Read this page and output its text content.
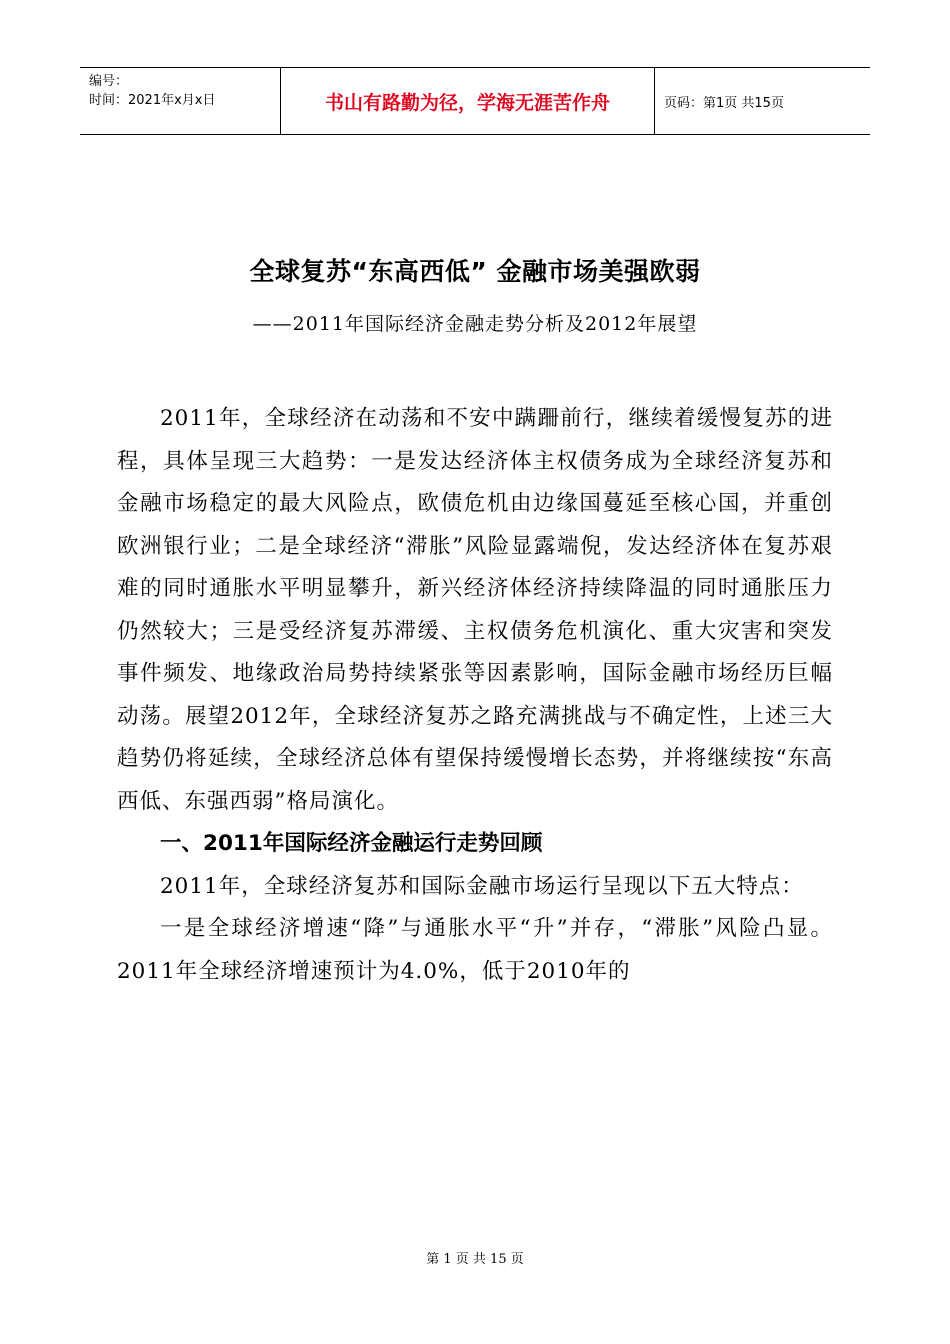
编号：
时间：2021年x月x日	书山有路勤为径，学海无涯苦作舟	页码：第1页 共15页
全球复苏“东高西低” 金融市场美强欧弱
——2011年国际经济金融走势分析及2012年展望

2011年，全球经济在动荡和不安中蹒跚前行，继续着缓慢复苏的进程，具体呈现三大趋势：一是发达经济体主权债务成为全球经济复苏和金融市场稳定的最大风险点，欧债危机由边缘国蔓延至核心国，并重创欧洲银行业；二是全球经济“滞胀”风险显露端倪，发达经济体在复苏艰难的同时通胀水平明显攀升，新兴经济体经济持续降温的同时通胀压力仍然较大；三是受经济复苏滞缓、主权债务危机演化、重大灾害和突发事件频发、地缘政治局势持续紧张等因素影响，国际金融市场经历巨幅动荡。展望2012年，全球经济复苏之路充满挑战与不确定性，上述三大趋势仍将延续，全球经济总体有望保持缓慢增长态势，并将继续按“东高西低、东强西弱”格局演化。

一、2011年国际经济金融运行走势回顾

2011年，全球经济复苏和国际金融市场运行呈现以下五大特点：

一是全球经济增速“降”与通胀水平“升”并存，“滞胀”风险凸显。2011年全球经济增速预计为4.0%，低于2010年的

第 1 页 共 15 页
